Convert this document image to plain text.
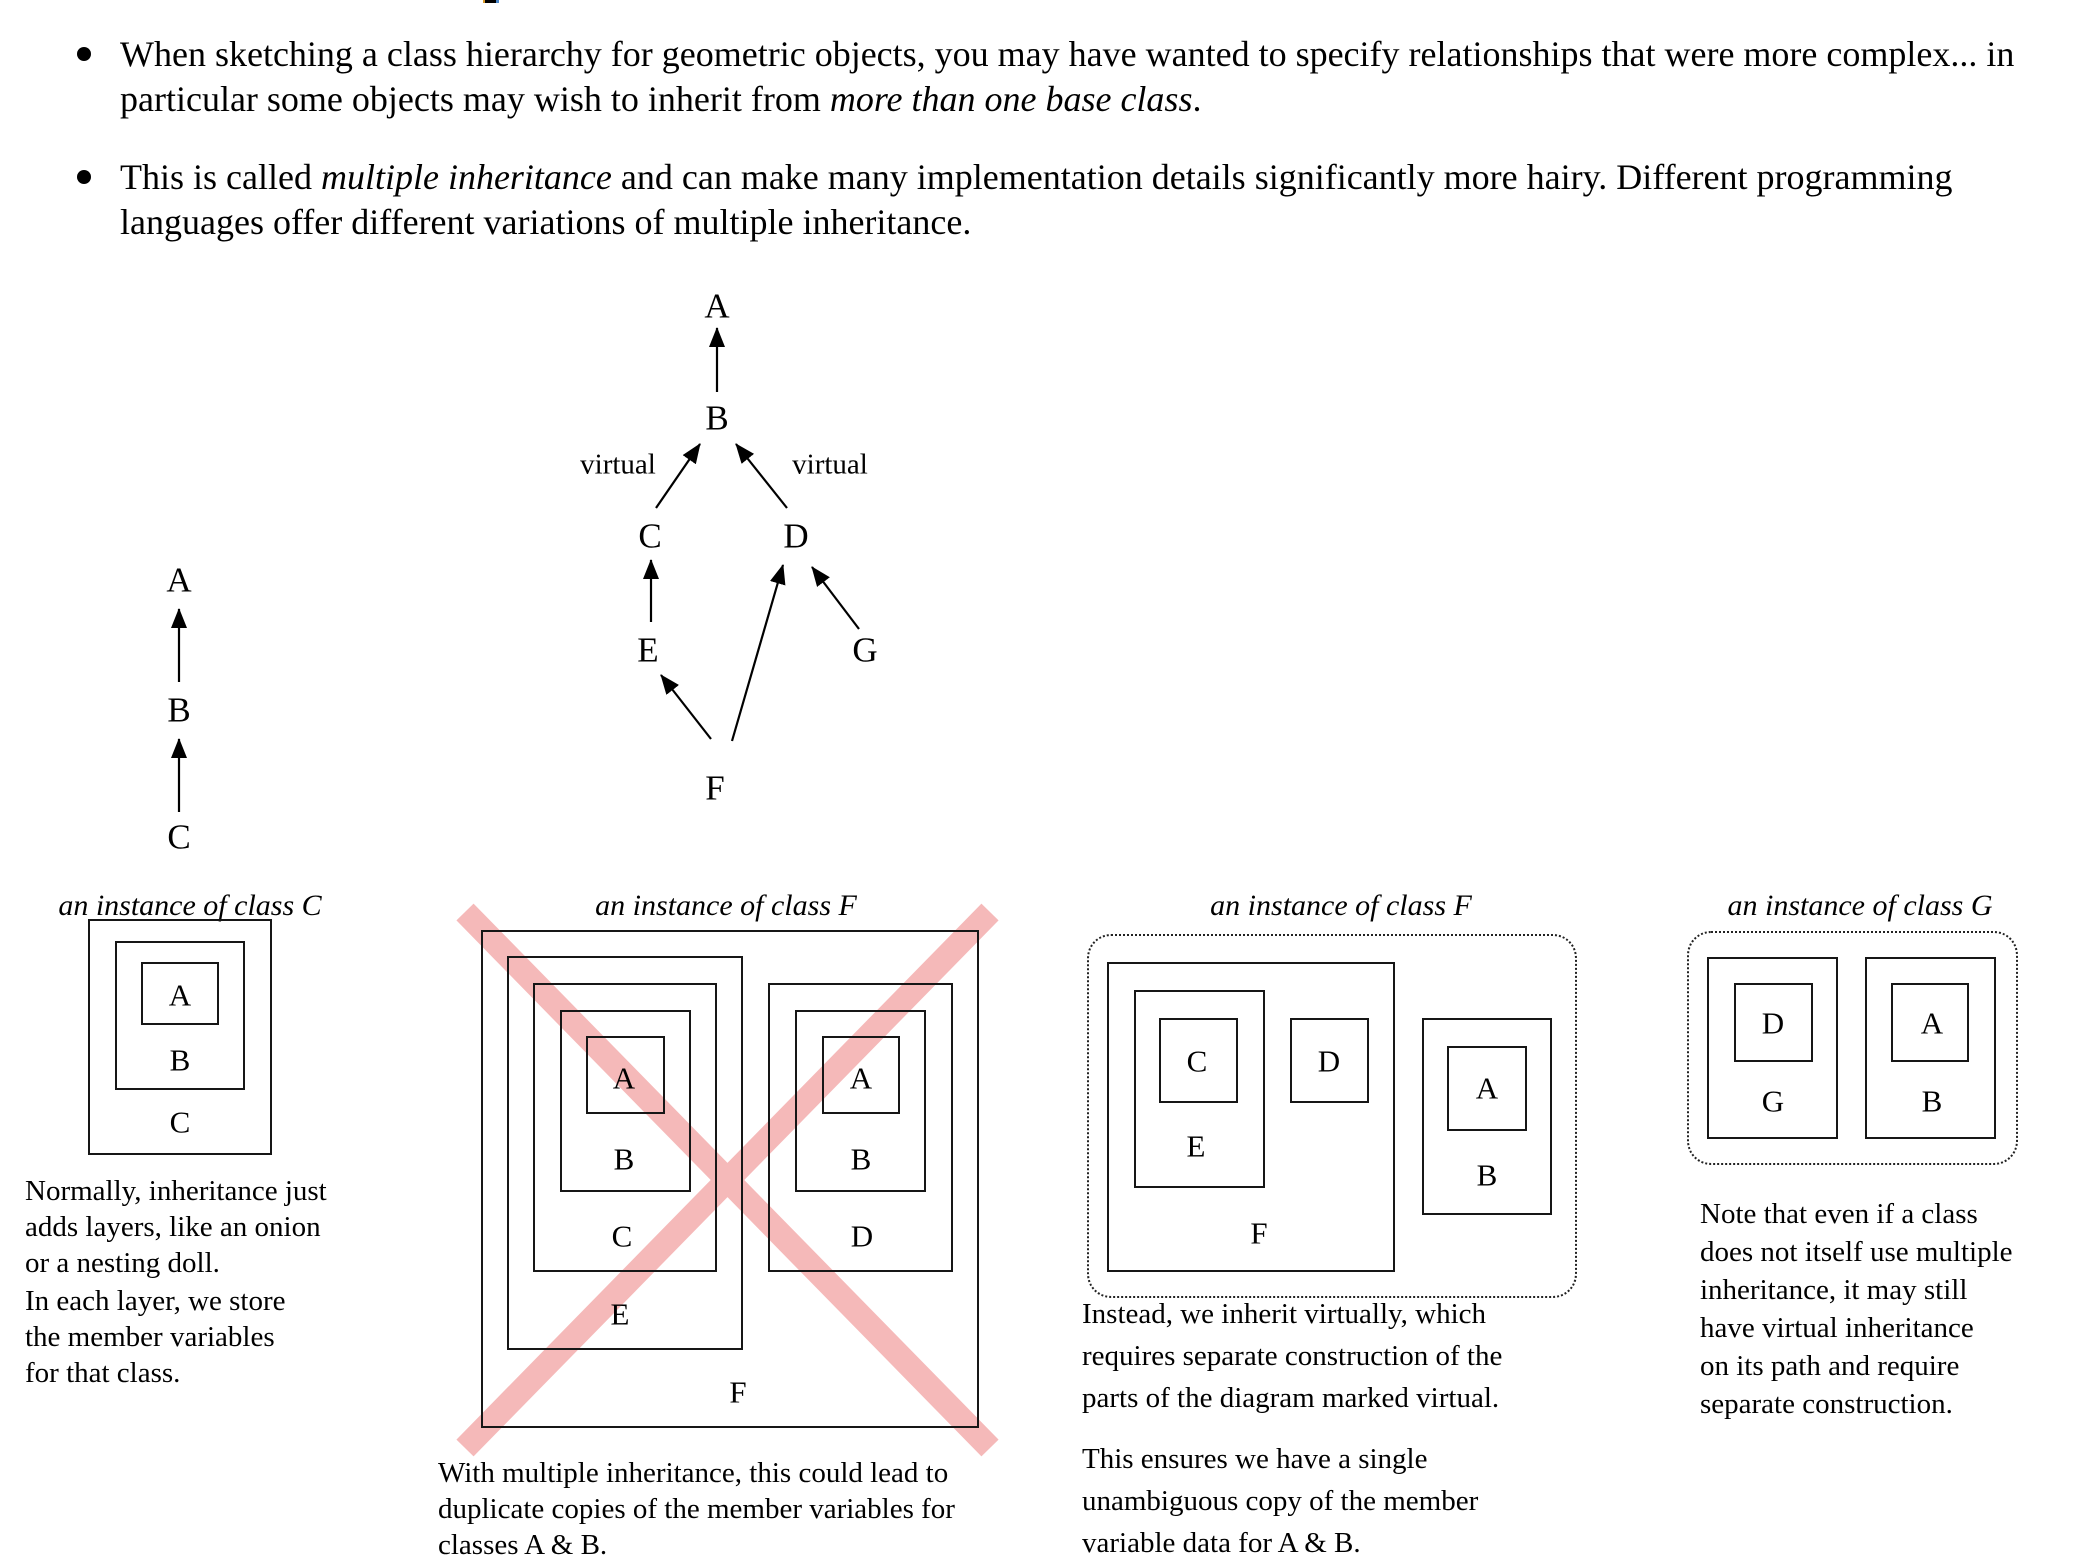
When sketching a class hierarchy for geometric objects, you may have wanted to specify relationships that were more complex... in particular some objects may wish to inherit from more than one base class.

This is called multiple inheritance and can make many implementation details significantly more hairy. Different programming languages offer different variations of multiple inheritance.

A
B
C
A
B
C	D
E	G
F
virtual	virtual
an instance of class C
A
B
C
Normally, inheritance just
adds layers, like an onion
or a nesting doll.
In each layer, we store
the member variables
for that class.
an instance of class F
A
B
C
E
A
B
D
F
With multiple inheritance, this could lead to
duplicate copies of the member variables for
classes A & B.
an instance of class F
C	D
E
F
A
B
Instead, we inherit virtually, which
requires separate construction of the
parts of the diagram marked virtual.
This ensures we have a single
unambiguous copy of the member
variable data for A & B.
an instance of class G
D
G
A
B
Note that even if a class
does not itself use multiple
inheritance, it may still
have virtual inheritance
on its path and require
separate construction.
